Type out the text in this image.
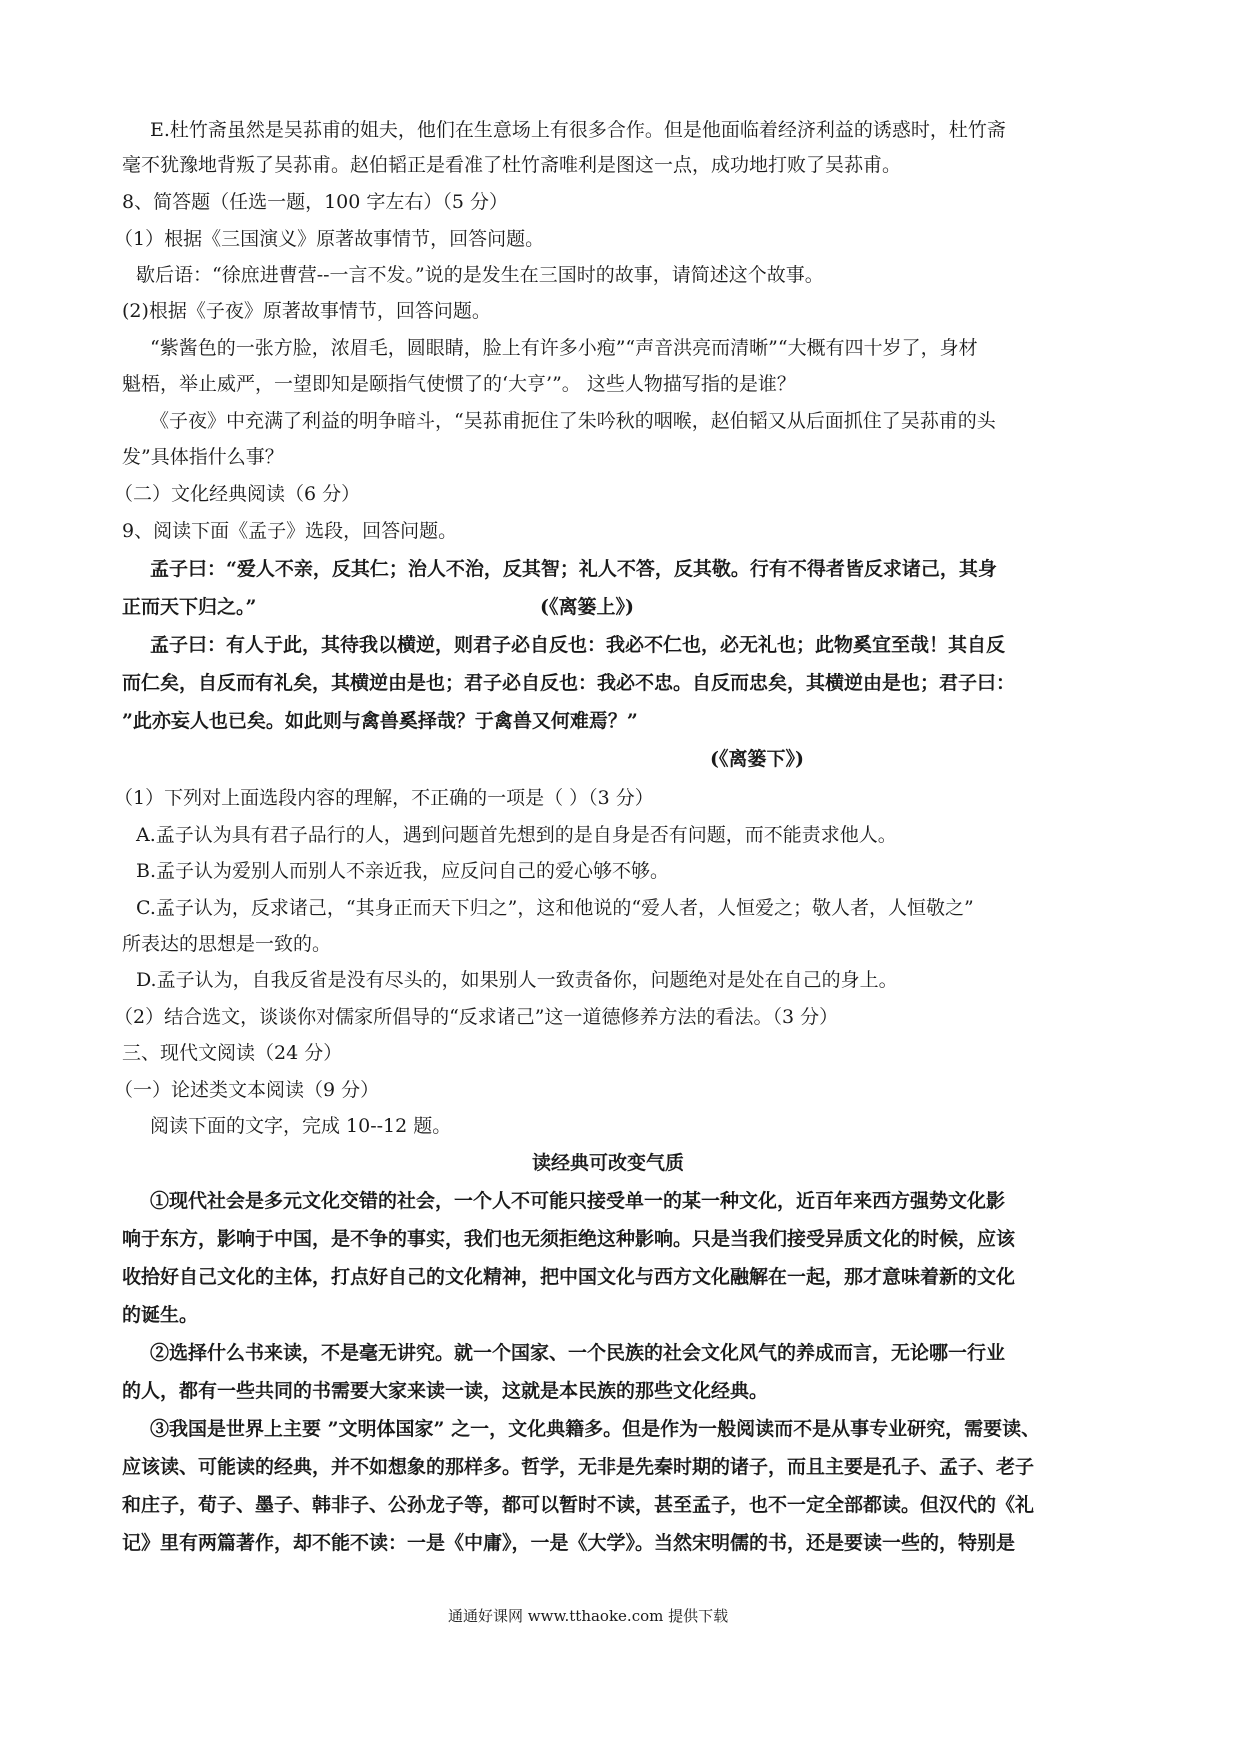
E.杜竹斋虽然是吴荪甫的姐夫，他们在生意场上有很多合作。但是他面临着经济利益的诱惑时，杜竹斋
毫不犹豫地背叛了吴荪甫。赵伯韬正是看准了杜竹斋唯利是图这一点，成功地打败了吴荪甫。
8、简答题（任选一题，100 字左右）（5 分）
（1）根据《三国演义》原著故事情节，回答问题。
歇后语：“徐庶进曹营--一言不发。”说的是发生在三国时的故事，请简述这个故事。
(2)根据《子夜》原著故事情节，回答问题。
“紫酱色的一张方脸，浓眉毛，圆眼睛，脸上有许多小疱”“声音洪亮而清晰”“大概有四十岁了，身材
魁梧，举止威严，一望即知是颐指气使惯了的‘大亨’”。 这些人物描写指的是谁？
《子夜》中充满了利益的明争暗斗，“吴荪甫扼住了朱吟秋的咽喉，赵伯韬又从后面抓住了吴荪甫的头
发”具体指什么事？
（二）文化经典阅读（6 分）
9、阅读下面《孟子》选段，回答问题。
孟子曰：“爱人不亲，反其仁；治人不治，反其智；礼人不答，反其敬。行有不得者皆反求诸己，其身
正而天下归之。”	(《离篓上》)
孟子曰：有人于此，其待我以横逆，则君子必自反也：我必不仁也，必无礼也；此物奚宜至哉！其自反
而仁矣，自反而有礼矣，其横逆由是也；君子必自反也：我必不忠。自反而忠矣，其横逆由是也；君子曰：
”此亦妄人也已矣。如此则与禽兽奚择哉？于禽兽又何难焉？”
(《离篓下》)
（1）下列对上面选段内容的理解，不正确的一项是（ ）（3 分）
A.孟子认为具有君子品行的人，遇到问题首先想到的是自身是否有问题，而不能责求他人。
B.孟子认为爱别人而别人不亲近我，应反问自己的爱心够不够。
C.孟子认为，反求诸己，“其身正而天下归之”，这和他说的“爱人者，人恒爱之；敬人者，人恒敬之”
所表达的思想是一致的。
D.孟子认为，自我反省是没有尽头的，如果别人一致责备你，问题绝对是处在自己的身上。
（2）结合选文，谈谈你对儒家所倡导的“反求诸己”这一道德修养方法的看法。（3 分）
三、现代文阅读（24 分）
（一）论述类文本阅读（9 分）
阅读下面的文字，完成 10--12 题。
读经典可改变气质
①现代社会是多元文化交错的社会，一个人不可能只接受单一的某一种文化，近百年来西方强势文化影
响于东方，影响于中国，是不争的事实，我们也无须拒绝这种影响。只是当我们接受异质文化的时候，应该
收拾好自己文化的主体，打点好自己的文化精神，把中国文化与西方文化融解在一起，那才意味着新的文化
的诞生。
②选择什么书来读，不是毫无讲究。就一个国家、一个民族的社会文化风气的养成而言，无论哪一行业
的人，都有一些共同的书需要大家来读一读，这就是本民族的那些文化经典。
③我国是世界上主要 ”文明体国家” 之一，文化典籍多。但是作为一般阅读而不是从事专业研究，需要读、
应该读、可能读的经典，并不如想象的那样多。哲学，无非是先秦时期的诸子，而且主要是孔子、孟子、老子
和庄子，荀子、墨子、韩非子、公孙龙子等，都可以暂时不读，甚至孟子，也不一定全部都读。但汉代的《礼
记》里有两篇著作，却不能不读：一是《中庸》，一是《大学》。当然宋明儒的书，还是要读一些的，特别是
通通好课网 www.tthaoke.com 提供下载
